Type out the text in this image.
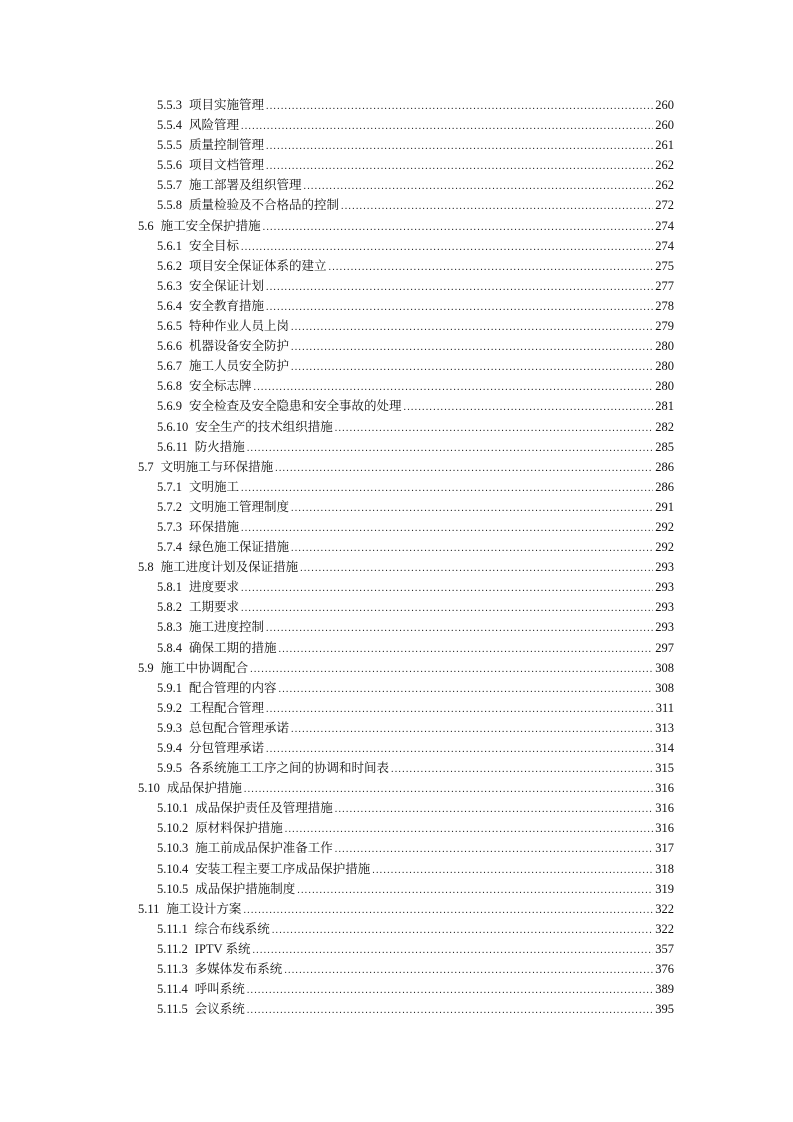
5.5.3 项目实施管理 .....	260
5.5.4 风险管理 .....	260
5.5.5 质量控制管理 .....	261
5.5.6 项目文档管理 .....	262
5.5.7 施工部署及组织管理 .....	262
5.5.8 质量检验及不合格品的控制 .....	272
5.6 施工安全保护措施 .....	274
5.6.1 安全目标 .....	274
5.6.2 项目安全保证体系的建立 .....	275
5.6.3 安全保证计划 .....	277
5.6.4 安全教育措施 .....	278
5.6.5 特种作业人员上岗 .....	279
5.6.6 机器设备安全防护 .....	280
5.6.7 施工人员安全防护 .....	280
5.6.8 安全标志牌 .....	280
5.6.9 安全检查及安全隐患和安全事故的处理 .....	281
5.6.10 安全生产的技术组织措施 .....	282
5.6.11 防火措施 .....	285
5.7 文明施工与环保措施 .....	286
5.7.1 文明施工 .....	286
5.7.2 文明施工管理制度 .....	291
5.7.3 环保措施 .....	292
5.7.4 绿色施工保证措施 .....	292
5.8 施工进度计划及保证措施 .....	293
5.8.1 进度要求 .....	293
5.8.2 工期要求 .....	293
5.8.3 施工进度控制 .....	293
5.8.4 确保工期的措施 .....	297
5.9 施工中协调配合 .....	308
5.9.1 配合管理的内容 .....	308
5.9.2 工程配合管理 .....	311
5.9.3 总包配合管理承诺 .....	313
5.9.4 分包管理承诺 .....	314
5.9.5 各系统施工工序之间的协调和时间表 .....	315
5.10 成品保护措施 .....	316
5.10.1 成品保护责任及管理措施 .....	316
5.10.2 原材料保护措施 .....	316
5.10.3 施工前成品保护准备工作 .....	317
5.10.4 安装工程主要工序成品保护措施 .....	318
5.10.5 成品保护措施制度 .....	319
5.11 施工设计方案 .....	322
5.11.1 综合布线系统 .....	322
5.11.2 IPTV 系统 .....	357
5.11.3 多媒体发布系统 .....	376
5.11.4 呼叫系统 .....	389
5.11.5 会议系统 .....	395
